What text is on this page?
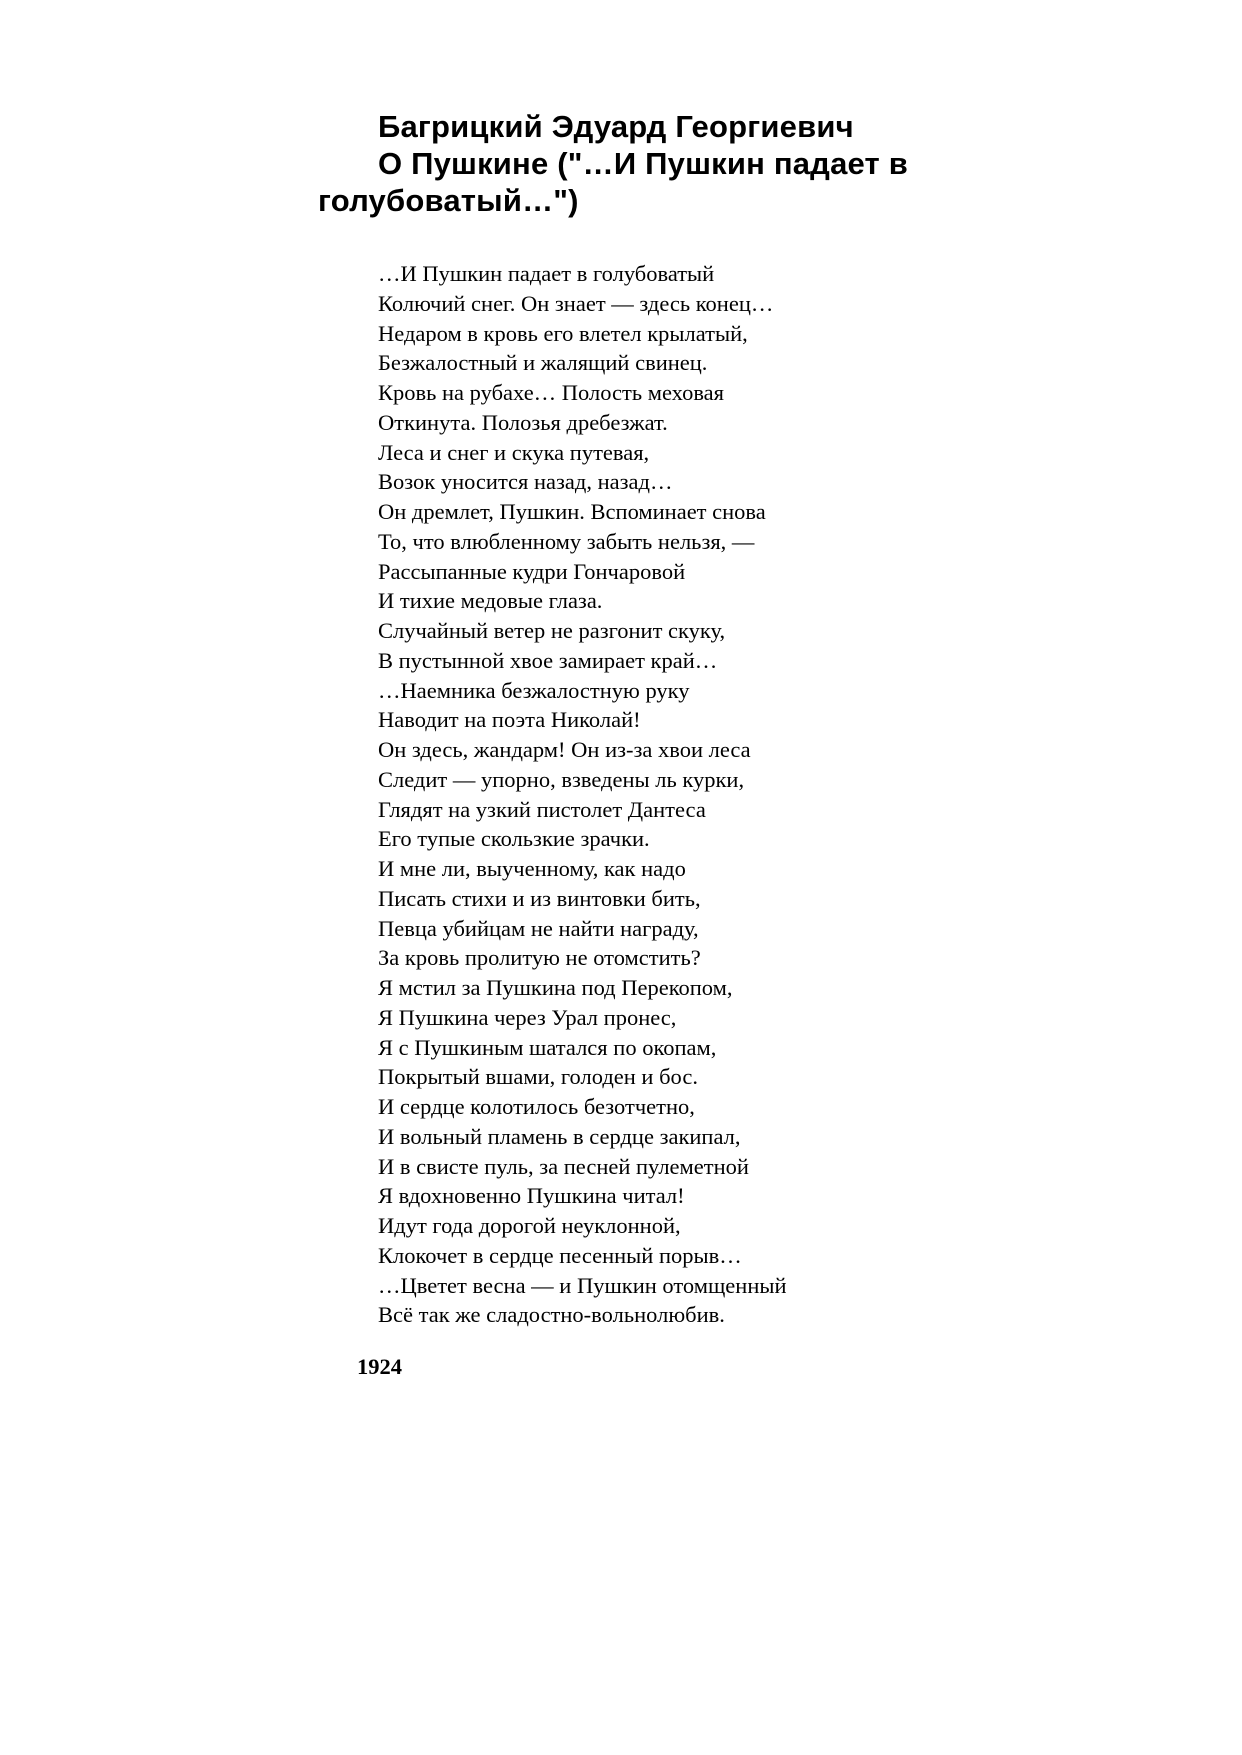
Багрицкий Эдуард Георгиевич
О Пушкине ("…И Пушкин падает в
голубоватый…")
…И Пушкин падает в голубоватый
Колючий снег. Он знает — здесь конец…
Недаром в кровь его влетел крылатый,
Безжалостный и жалящий свинец.
Кровь на рубахе… Полость меховая
Откинута. Полозья дребезжат.
Леса и снег и скука путевая,
Возок уносится назад, назад…
Он дремлет, Пушкин. Вспоминает снова
То, что влюбленному забыть нельзя, —
Рассыпанные кудри Гончаровой
И тихие медовые глаза.
Случайный ветер не разгонит скуку,
В пустынной хвое замирает край…
…Наемника безжалостную руку
Наводит на поэта Николай!
Он здесь, жандарм! Он из-за хвои леса
Следит — упорно, взведены ль курки,
Глядят на узкий пистолет Дантеса
Его тупые скользкие зрачки.
И мне ли, выученному, как надо
Писать стихи и из винтовки бить,
Певца убийцам не найти награду,
За кровь пролитую не отомстить?
Я мстил за Пушкина под Перекопом,
Я Пушкина через Урал пронес,
Я с Пушкиным шатался по окопам,
Покрытый вшами, голоден и бос.
И сердце колотилось безотчетно,
И вольный пламень в сердце закипал,
И в свисте пуль, за песней пулеметной
Я вдохновенно Пушкина читал!
Идут года дорогой неуклонной,
Клокочет в сердце песенный порыв…
…Цветет весна — и Пушкин отомщенный
Всё так же сладостно-вольнолюбив.
1924
